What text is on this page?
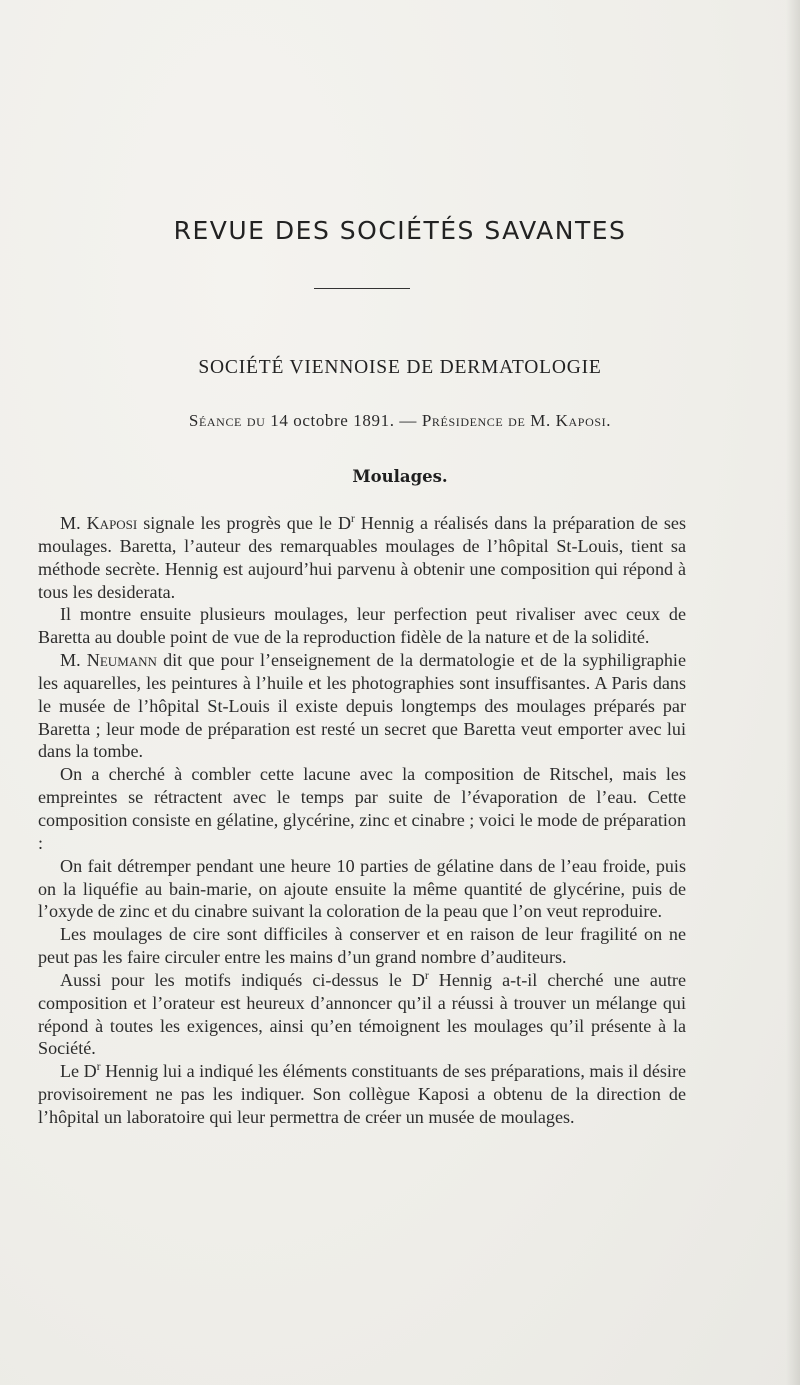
REVUE DES SOCIÉTÉS SAVANTES
SOCIÉTÉ VIENNOISE DE DERMATOLOGIE
Séance du 14 octobre 1891. — Présidence de M. Kaposi.
Moulages.

M. Kaposi signale les progrès que le $D^r$ Hennig a réalisés dans la préparation de ses moulages. Baretta, l’auteur des remarquables moulages de l’hôpital St-Louis, tient sa méthode secrète. Hennig est aujourd’hui parvenu à obtenir une composition qui répond à tous les desiderata.

Il montre ensuite plusieurs moulages, leur perfection peut rivaliser avec ceux de Baretta au double point de vue de la reproduction fidèle de la nature et de la solidité.

M. Neumann dit que pour l’enseignement de la dermatologie et de la syphiligraphie les aquarelles, les peintures à l’huile et les photographies sont insuffisantes. A Paris dans le musée de l’hôpital St-Louis il existe depuis longtemps des moulages préparés par Baretta ; leur mode de préparation est resté un secret que Baretta veut emporter avec lui dans la tombe.

On a cherché à combler cette lacune avec la composition de Ritschel, mais les empreintes se rétractent avec le temps par suite de l’évaporation de l’eau. Cette composition consiste en gélatine, glycérine, zinc et cinabre ; voici le mode de préparation :

On fait détremper pendant une heure 10 parties de gélatine dans de l’eau froide, puis on la liquéfie au bain-marie, on ajoute ensuite la même quantité de glycérine, puis de l’oxyde de zinc et du cinabre suivant la coloration de la peau que l’on veut reproduire.

Les moulages de cire sont difficiles à conserver et en raison de leur fragilité on ne peut pas les faire circuler entre les mains d’un grand nombre d’auditeurs.

Aussi pour les motifs indiqués ci-dessus le $D^r$ Hennig a-t-il cherché une autre composition et l’orateur est heureux d’annoncer qu’il a réussi à trouver un mélange qui répond à toutes les exigences, ainsi qu’en témoignent les moulages qu’il présente à la Société.

Le $D^r$ Hennig lui a indiqué les éléments constituants de ses préparations, mais il désire provisoirement ne pas les indiquer. Son collègue Kaposi a obtenu de la direction de l’hôpital un laboratoire qui leur permettra de créer un musée de moulages.
